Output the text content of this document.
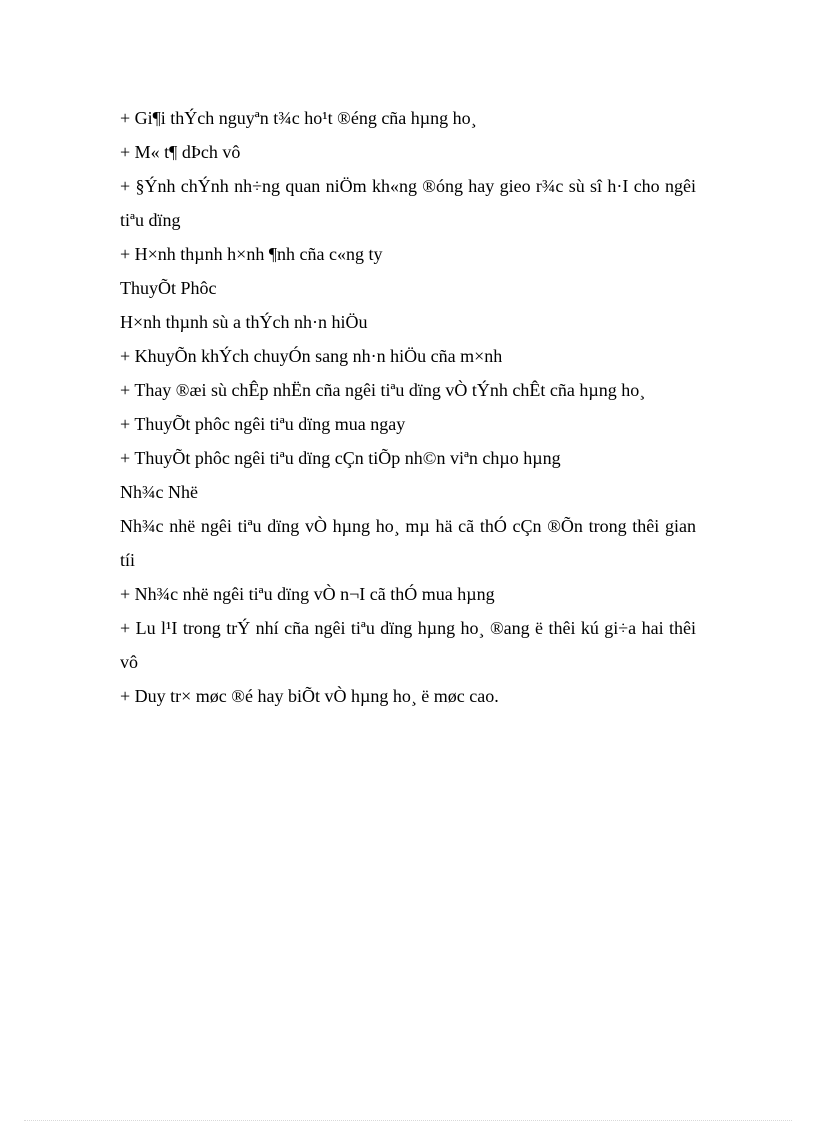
+ Gi¶i thÝch nguyªn t¾c ho¹t ®éng cña hµng ho¸

+ M« t¶ dÞch vô

+ §Ýnh chÝnh nh÷ng quan niÖm kh«ng ®óng hay gieo r¾c sù sî h·I cho ngêi tiªu dïng

+ H×nh thµnh h×nh ¶nh cña c«ng ty

ThuyÕt Phôc

H×nh thµnh sù a thÝch nh·n hiÖu

+ KhuyÕn khÝch chuyÓn sang nh·n hiÖu cña m×nh

+ Thay ®æi sù chÊp nhËn cña ngêi tiªu dïng vÒ tÝnh chÊt cña hµng ho¸

+ ThuyÕt phôc ngêi tiªu dïng mua ngay

+ ThuyÕt phôc ngêi tiªu dïng cÇn tiÕp nh©n viªn chµo hµng

Nh¾c Nhë

Nh¾c nhë ngêi tiªu dïng vÒ hµng ho¸ mµ hä cã thÓ cÇn ®Õn trong thêi gian tíi

+ Nh¾c nhë ngêi tiªu dïng vÒ n¬I cã thÓ mua hµng

+ Lu l¹I trong trÝ nhí cña ngêi tiªu dïng hµng ho¸ ®ang ë thêi kú gi÷a hai thêi vô

+ Duy tr× møc ®é hay biÕt vÒ hµng ho¸ ë møc cao.
